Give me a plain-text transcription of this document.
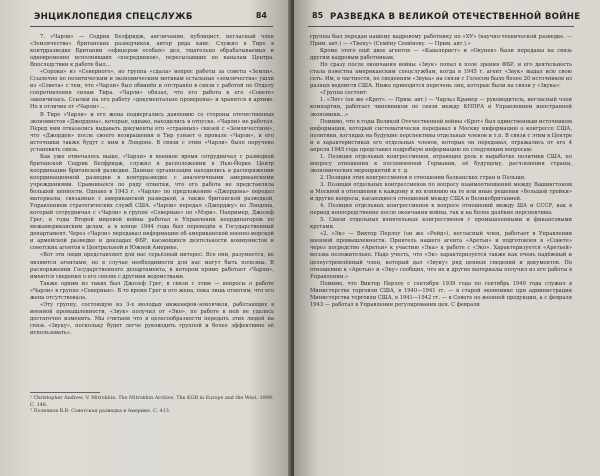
ЭНЦИКЛОПЕДИЯ СПЕЦСЛУЖБ	84

7. «Чарли» — Седрик Белфридж, англичанин, публицист, негласный член «Землячества» британских разведчиков, автор ряда книг. Служил в Тире в контрразведке Британии «офицером особых» дел, тщательно обрабатываемых и одновременно исполнявших «посредников», пересылавших по каналам Центра. Впоследствии к работе был...

«Сороки» из «Северного», но группа «сдала» вопрос работы за советы «Земли». Ссылочно по политическим и экономическим мотивам остальные «землячества» ушли из «Совета» с тем, что «Чарли» был обвинён и отстранён в связи с работой по Отделу сопротивления силам Тира. «Чарли» обязал, что его работа в его «Совете» закончилась. Ссылки на его работу «документально проверены» и хранятся в архиве. Но в отличие от «Чарли» ...

В Тире «Чарли» и его жена подвергались давлению со стороны отечественных экономистов «Джордона», которые, однако, находились в отпуске. «Чарли» не работал. Перед ним отказались выдавать документы его «странных» связей с «Землячеством», что «Джордон» после своего возвращения в Тир узнает о провале «Чарли», и его источники также будут с ним в Лондоне. В связи с этим «Чарли» было поручено установить связь.

Как уже отмечалось выше, «Чарли» в военное время сотрудничал с разведкой британской Седрик Белфридж, служил в расположении в Нью-Йорке Центр координации британской разведки. Данные организации находились в распоряжении координационной разведки в контрразведке с аналогичными американскими учреждениями. Сравнивался по ряду отметки, что его работа не представляла большой ценности. Однако в 1943 г. «Чарли» по предложению «Джордона» передал материалы, связанные с американской разведкой, а также британской разведкой, Управлением стратегических служб США. «Чарли» передал «Джорджу» из Лондона, который сотрудничал с «Чарли» в группе «Северные» по «Мэри». Например, Джозеф Грег, в годы Второй мировой войны работал в Управлении координатором по межамериканским делам, а в конце 1944 года был переведён в Государственный департамент. Через «Чарли» передавал информацию об американской военно-морской и армейской разведке и докладах ФБР, касающихся деятельности коммунистов и советских агентов в Центральной и Южной Америке.

«Вот эти люди представляют для нас серьёзный интерес. Все они, разумеется, не являются агентами, но в случае необходимости для нас могут быть полезны. В распоряжении Государственного департамента, в котором прямо работает «Чарли», имеются сведения о его связях с другими ведомствами.

Также одним из таких был Джозеф Грег, в связи с этим — вопросы о работе «Чарли» в группе «Северные». В то время Грег и его жена, пока лишь отметим, что его жена отсутствовала.

«Эту группу, состоящую из 3-х молодых инженеров-землячков, работающих в военной промышленности, «Звук» получил от «Эко», по работе в ней не удалось достаточно изменить. Мы считаем что в целесообразности передать этих людей на связь «Звуку», поскольку будет легче руководить группой и более эффективно её использовать».

¹ Christopher Andrew, V. Mitrokhin. The Mitrokhin Archive. The KGB in Europe and the West. 1999. С. 146.

² Позняков В.В. Советская разведка в Америке. С. 413.

85 РАЗВЕДКА В ВЕЛИКОЙ ОТЕЧЕСТВЕННОЙ ВОЙНЕ

группы был передан нашему кадровому работнику по «ХУ» (научно-технической разведке. — Прим. авт.) — «Твену» (Семёну Семёнову. — Прим. авт.).»

Кроме этого ещё двое агентов — «Кавалерист» и «Окунев» были переданы на связь другим кадровым работникам.

Но сразу после окончания войны «Звук» попал в поле зрения ФБР, и его деятельность стала известна американским спецслужбам, когда в 1945 г. агент «Звук» выдал всю свою сеть. Им, в частности, по сведениям «Звука» на связи с Голосом было более 20 источников из разных ведомств США. Ниже приводится перечень лиц, которые были на связи у «Звука»:

«Группа состоит:

1. «Лот» (он же «Крот». — Прим. авт.) — Чарльз Крамер — руководитель, негласный член компартии, работает чиновником по связи между КНПРА и Управлением иностранной экономики...»

Помимо, что в годы Великой Отечественной войны «Крот» был единственным источником информации, который систематически передавал в Москву информацию о конгрессе США, политики, взглядах на будущие перспективы отдельных членов и т.п. В связи с этим в Центре и в характеристиках его отдельных членов, которые он передавал, отражались от его 4 апреля 1945 года представил подробную информацию по следующим вопросам:

1. Позиция отдельных конгрессменов, играющих роль в выработке политики США, по вопросу отношения к послевоенной Германии, её будущему, расчленения страны, экономических мероприятий и т. д.

2. Позиция этих конгрессменов в отношении балканских стран и Польши.

3. Позиция отдельных конгрессменов по вопросу взаимоотношений между Вашингтоном и Москвой в отношении к каждому и их влиянию на те или иные решения «большой тройки» и другие вопросы, касающиеся отношений между США и Великобританией.

4. Позиция отдельных конгрессменов в вопросе отношений между ША и СССР, как в период непосредственно после окончания войны, так и на более далёкие перспективы.

5. Связи отдельных влиятельных конгрессменов с промышленными и финансовыми кругами.

«2. «Эк» — Виктор Перлоу (он же «Рейд»), негласный член, работает в Управлении военной промышленности. Приятель нашего агента «Аретьи» и подготовлен в «Совете» через посредство «Аретьи» к участию «Эка» к работе с «Эко». Характеризуется «Аретьей» весьма положительно. Надо учесть, что «Эк» характеризуется также как очень надёжный и целеустремлённый член, который дал «Звуку» ряд ценных сведений и документов. По отношению к «Аретьи» и «Эку» сообщил, что их и другие материалы получил из его работы в Управлении.»

Помимо, что Виктор Перлоу с сентября 1939 года по сентябрь 1940 года служил в Министерстве торговли США, в 1940—1941 гг. — в старой экономике при администрации Министерства торговли США, в 1941—1942 гг. — в Совете по военной продукции, а с февраля 1943 — работал в Управлении регулирования цен. С февраля
